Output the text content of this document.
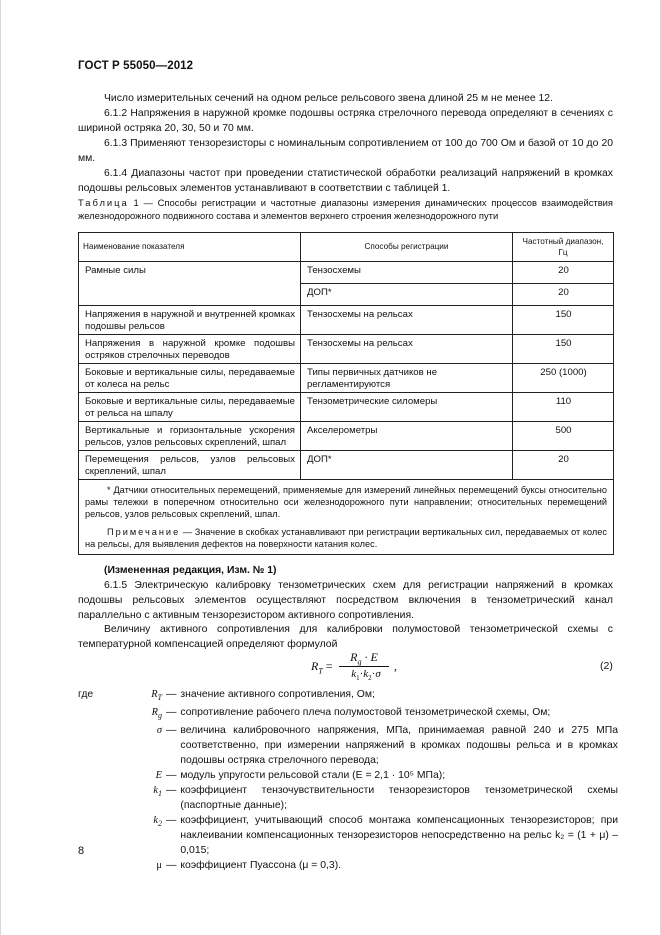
ГОСТ Р 55050—2012

Число измерительных сечений на одном рельсе рельсового звена длиной 25 м не менее 12.

6.1.2 Напряжения в наружной кромке подошвы остряка стрелочного перевода определяют в сечениях с шириной остряка 20, 30, 50 и 70 мм.

6.1.3 Применяют тензорезисторы с номинальным сопротивлением от 100 до 700 Ом и базой от 10 до 20 мм.

6.1.4 Диапазоны частот при проведении статистической обработки реализаций напряжений в кромках подошвы рельсовых элементов устанавливают в соответствии с таблицей 1.

Таблица 1 — Способы регистрации и частотные диапазоны измерения динамических процессов взаимодействия железнодорожного подвижного состава и элементов верхнего строения железнодорожного пути
Наименование показателя	Способы регистрации	Частотный диапазон, Гц
Рамные силы	Тензосхемы	20
	ДОП*	20
Напряжения в наружной и внутренней кромках подошвы рельсов	Тензосхемы на рельсах	150
Напряжения в наружной кромке подошвы остряков стрелочных переводов	Тензосхемы на рельсах	150
Боковые и вертикальные силы, передаваемые от колеса на рельс	Типы первичных датчиков не регламентируются	250 (1000)
Боковые и вертикальные силы, передаваемые от рельса на шпалу	Тензометрические силомеры	110
Вертикальные и горизонтальные ускорения рельсов, узлов рельсовых скреплений, шпал	Акселерометры	500
Перемещения рельсов, узлов рельсовых скреплений, шпал	ДОП*	20

* Датчики относительных перемещений, применяемые для измерений линейных перемещений буксы относительно рамы тележки в поперечном относительно оси железнодорожного пути направлении; относительных перемещений рельсов, узлов рельсовых скреплений, шпал.

Примечание — Значение в скобках устанавливают при регистрации вертикальных сил, передаваемых от колес на рельсы, для выявления дефектов на поверхности катания колес.		

(Измененная редакция, Изм. № 1)

6.1.5 Электрическую калибровку тензометрических схем для регистрации напряжений в кромках подошвы рельсовых элементов осуществляют посредством включения в тензометрический канал параллельно с активным тензорезистором активного сопротивления.

Величину активного сопротивления для калибровки полумостовой тензометрической схемы с температурной компенсацией определяют формулой

$R_T$ =
$R_g \cdot E$
$k_1\cdot k_2\cdot\sigma$
,	(2)
где	$R_T$ — значение активного сопротивления, Ом;
$R_g$ — сопротивление рабочего плеча полумостовой тензометрической схемы, Ом;
σ — величина калибровочного напряжения, МПа, принимаемая равной 240 и 275 МПа соответственно, при измерении напряжений в кромках подошвы рельса и в кромках подошвы остряка стрелочного перевода;
E — модуль упругости рельсовой стали (E = 2,1 · 10⁵ МПа);
$k_1$ — коэффициент тензочувствительности тензорезисторов тензометрической схемы (паспортные данные);
$k_2$ — коэффициент, учитывающий способ монтажа компенсационных тензорезисторов; при наклеивании компенсационных тензорезисторов непосредственно на рельс k₂ = (1 + μ) – 0,015;
μ — коэффициент Пуассона (μ = 0,3).
8
